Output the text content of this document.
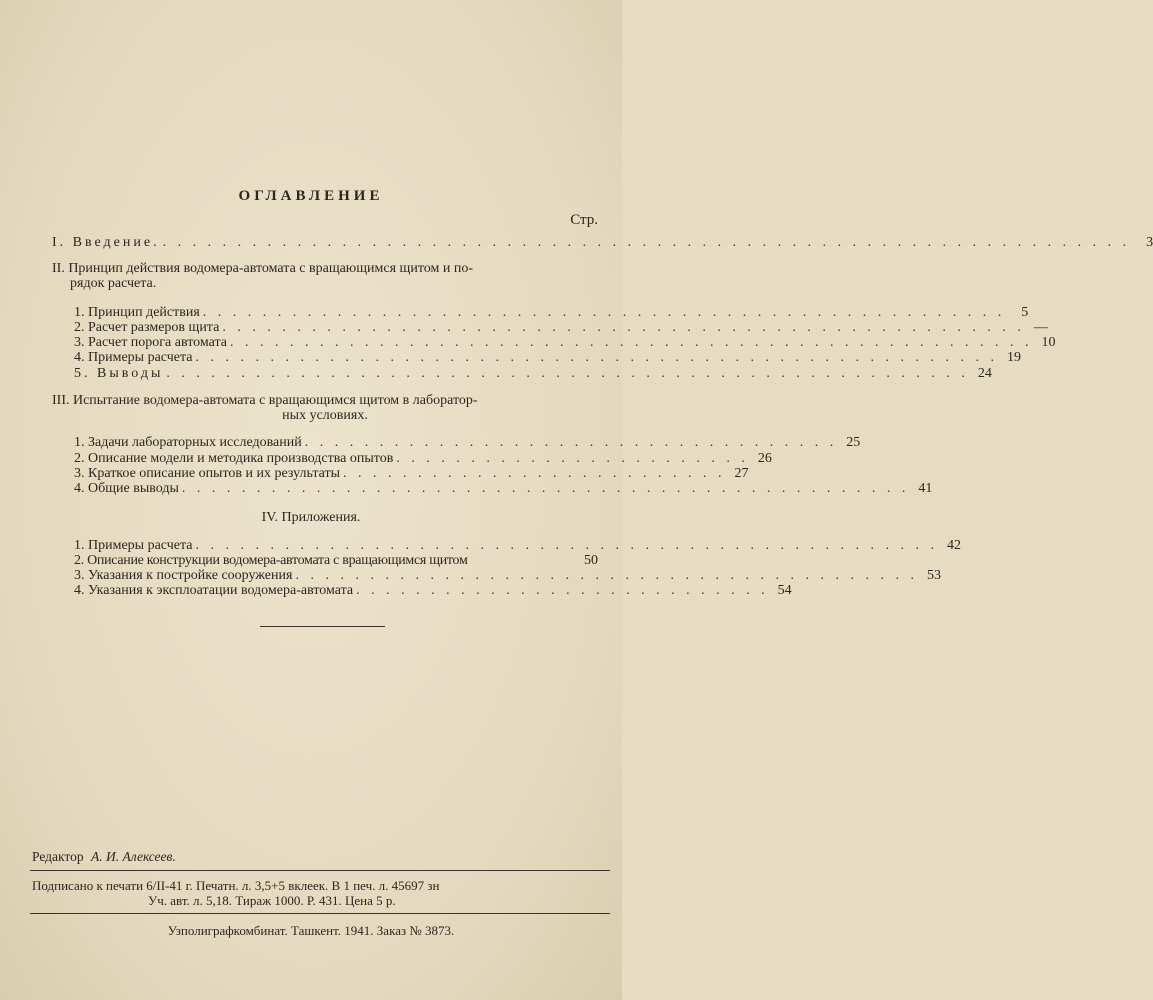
ОГЛАВЛЕНИЕ
Стр.
I. Введение. . . . . . . . . . . . . . . . . . . . . . . . . . . . . . . . . . . . . . . . . . . . . . . . . . . . . . . . . . . . . . . . . .	3
II. Принцип действия водомера-автомата с вращающимся щитом и по-
рядок расчета.
1. Принцип действия . . . . . . . . . . . . . . . . . . . . . . . . . . . . . . . . . . . . . . . . . . . . . . . . . . . . . .	5
2. Расчет размеров щита . . . . . . . . . . . . . . . . . . . . . . . . . . . . . . . . . . . . . . . . . . . . . . . . . . . . . . —
3. Расчет порога автомата . . . . . . . . . . . . . . . . . . . . . . . . . . . . . . . . . . . . . . . . . . . . . . . . . . . . . . 10
4. Примеры расчета . . . . . . . . . . . . . . . . . . . . . . . . . . . . . . . . . . . . . . . . . . . . . . . . . . . . . . 19
5. Выводы . . . . . . . . . . . . . . . . . . . . . . . . . . . . . . . . . . . . . . . . . . . . . . . . . . . . . . 24
III. Испытание водомера-автомата с вращающимся щитом в лаборатор-
ных условиях.
1. Задачи лабораторных исследований . . . . . . . . . . . . . . . . . . . . . . . . . . . . . . . . . . . . 25
2. Описание модели и методика производства опытов . . . . . . . . . . . . . . . . . . . . . . . . 26
3. Краткое описание опытов и их результаты . . . . . . . . . . . . . . . . . . . . . . . . . . 27
4. Общие выводы . . . . . . . . . . . . . . . . . . . . . . . . . . . . . . . . . . . . . . . . . . . . . . . . . 41
IV. Приложения.
1. Примеры расчета . . . . . . . . . . . . . . . . . . . . . . . . . . . . . . . . . . . . . . . . . . . . . . . . . . 42
2. Описание конструкции водомера-автомата с вращающимся щитом	50
3. Указания к постройке сооружения . . . . . . . . . . . . . . . . . . . . . . . . . . . . . . . . . . . . . . . . . . 53
4. Указания к эксплоатации водомера-автомата . . . . . . . . . . . . . . . . . . . . . . . . . . . . 54
Редактор А. И. Алексеев.
Подписано к печати 6/II-41 г. Печатн. л. 3,5+5 вклеек. В 1 печ. л. 45697 зн
Уч. авт. л. 5,18. Тираж 1000. Р. 431. Цена 5 р.
Узполиграфкомбинат. Ташкент. 1941. Заказ № 3873.
